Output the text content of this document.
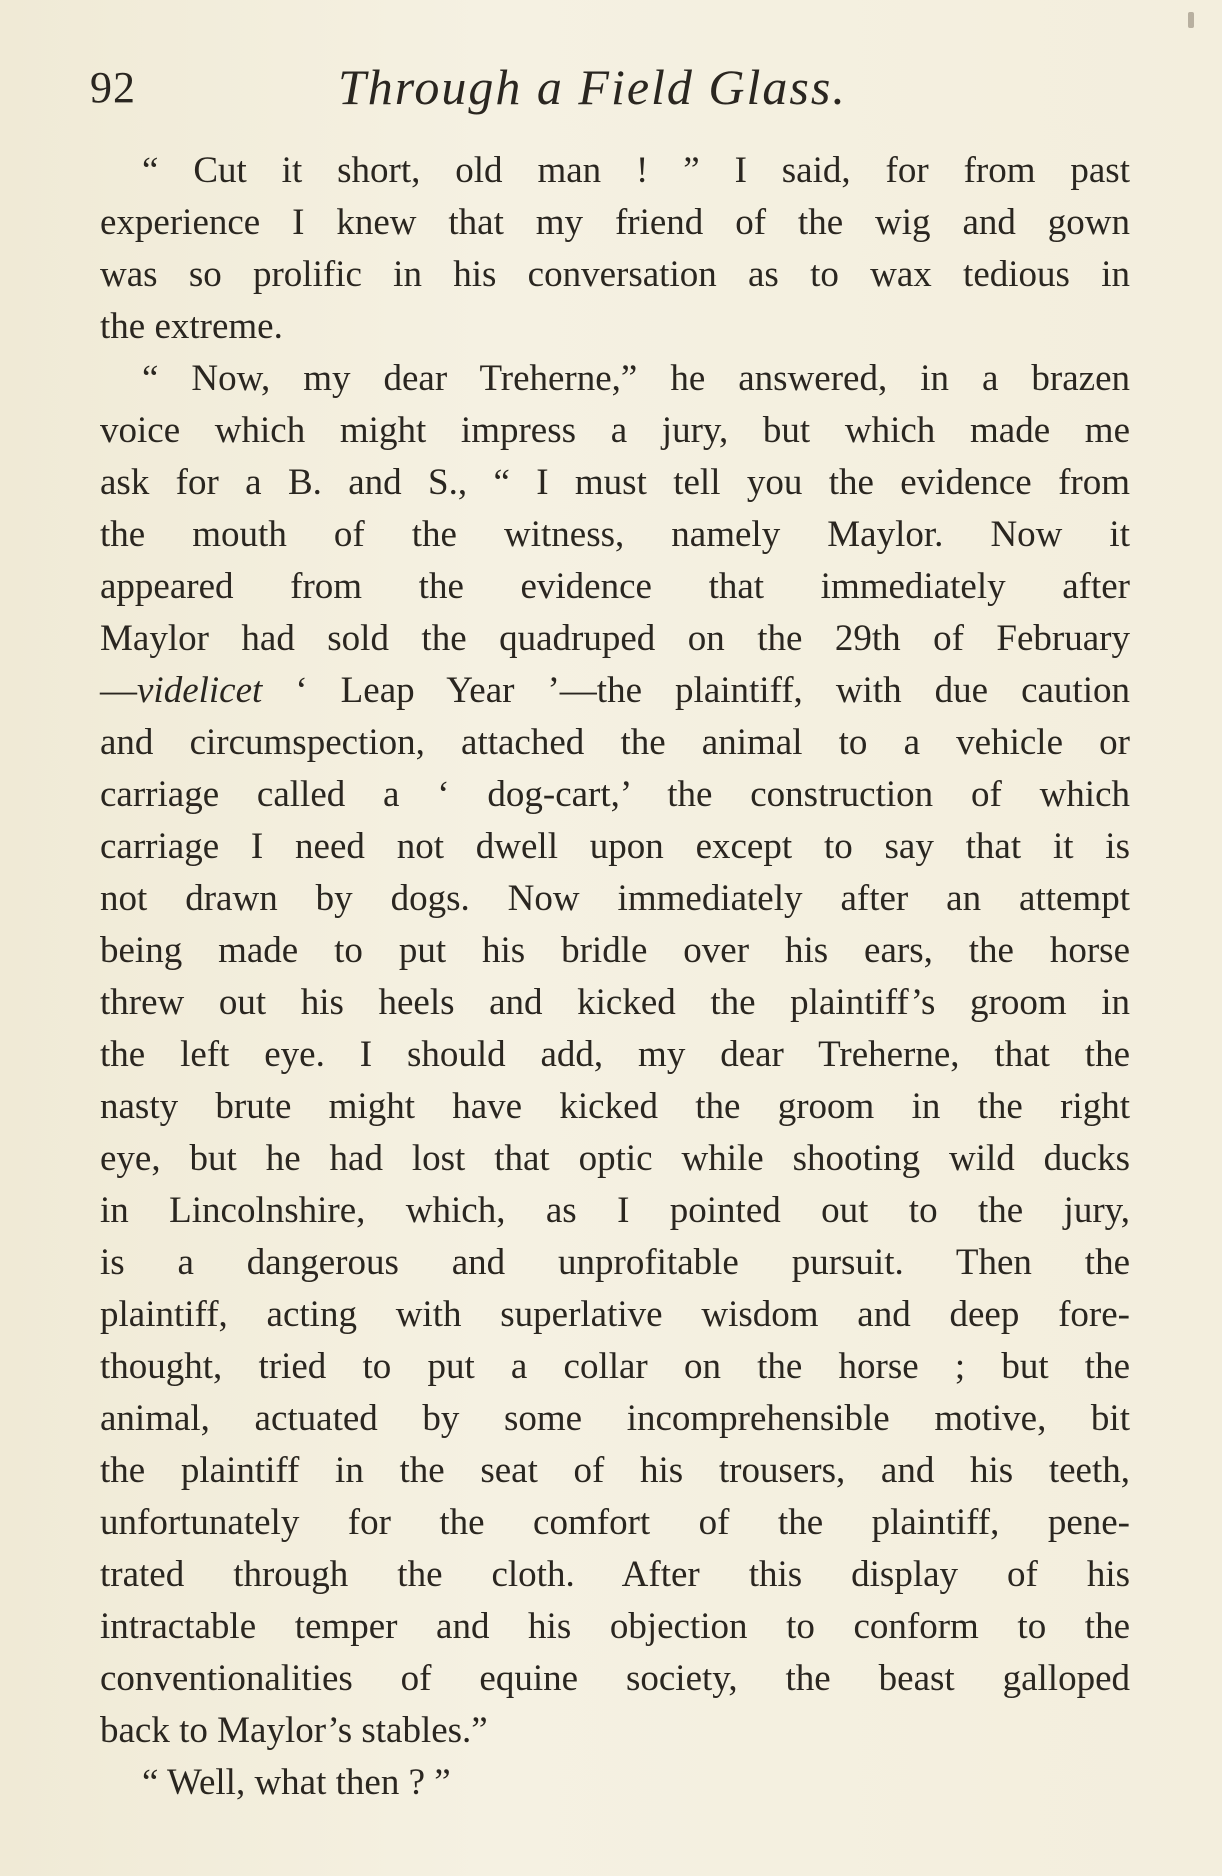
92	Through a Field Glass.
“ Cut it short, old man ! ” I said, for from past
experience I knew that my friend of the wig and gown
was so prolific in his conversation as to wax tedious in
the extreme.
“ Now, my dear Treherne,” he answered, in a brazen
voice which might impress a jury, but which made me
ask for a B. and S., “ I must tell you the evidence from
the mouth of the witness, namely Maylor. Now it
appeared from the evidence that immediately after
Maylor had sold the quadruped on the 29th of February
—videlicet ‘ Leap Year ’—the plaintiff, with due caution
and circumspection, attached the animal to a vehicle or
carriage called a ‘ dog-cart,’ the construction of which
carriage I need not dwell upon except to say that it is
not drawn by dogs. Now immediately after an attempt
being made to put his bridle over his ears, the horse
threw out his heels and kicked the plaintiff’s groom in
the left eye. I should add, my dear Treherne, that the
nasty brute might have kicked the groom in the right
eye, but he had lost that optic while shooting wild ducks
in Lincolnshire, which, as I pointed out to the jury,
is a dangerous and unprofitable pursuit. Then the
plaintiff, acting with superlative wisdom and deep fore-
thought, tried to put a collar on the horse ; but the
animal, actuated by some incomprehensible motive, bit
the plaintiff in the seat of his trousers, and his teeth,
unfortunately for the comfort of the plaintiff, pene-
trated through the cloth. After this display of his
intractable temper and his objection to conform to the
conventionalities of equine society, the beast galloped
back to Maylor’s stables.”
“ Well, what then ? ”
